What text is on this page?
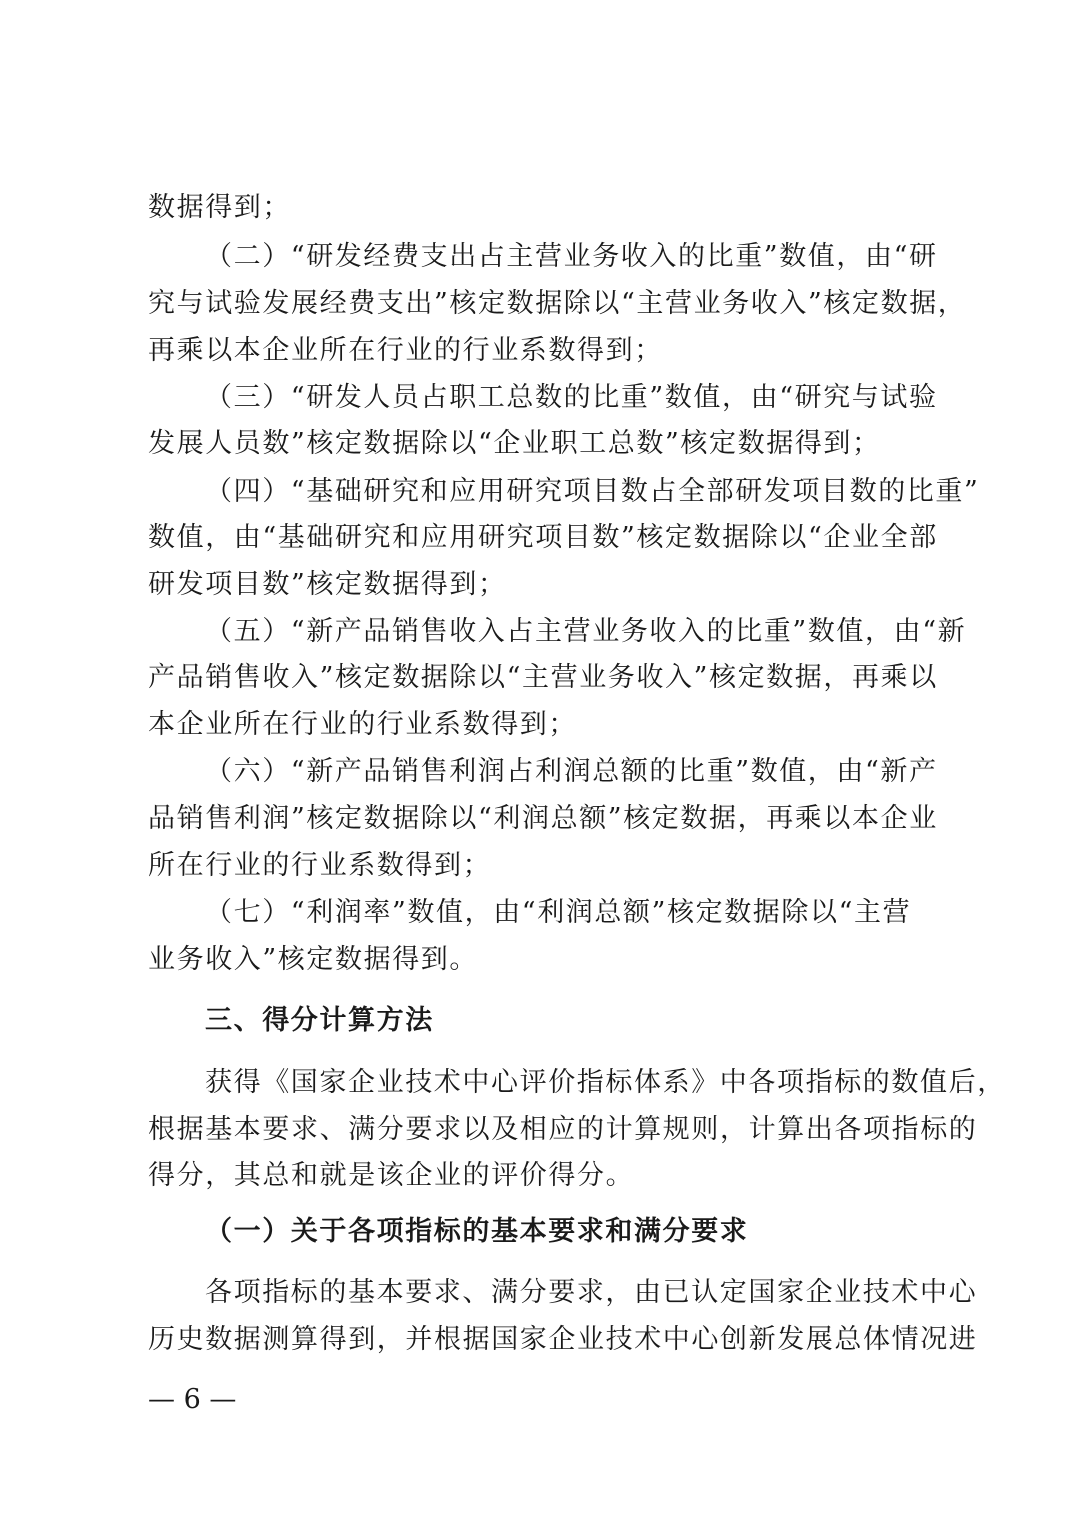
数据得到；
（二）“研发经费支出占主营业务收入的比重”数值，由“研
究与试验发展经费支出”核定数据除以“主营业务收入”核定数据，
再乘以本企业所在行业的行业系数得到；
（三）“研发人员占职工总数的比重”数值，由“研究与试验
发展人员数”核定数据除以“企业职工总数”核定数据得到；
（四）“基础研究和应用研究项目数占全部研发项目数的比重”
数值，由“基础研究和应用研究项目数”核定数据除以“企业全部
研发项目数”核定数据得到；
（五）“新产品销售收入占主营业务收入的比重”数值，由“新
产品销售收入”核定数据除以“主营业务收入”核定数据，再乘以
本企业所在行业的行业系数得到；
（六）“新产品销售利润占利润总额的比重”数值，由“新产
品销售利润”核定数据除以“利润总额”核定数据，再乘以本企业
所在行业的行业系数得到；
（七）“利润率”数值，由“利润总额”核定数据除以“主营
业务收入”核定数据得到。
三、得分计算方法
获得《国家企业技术中心评价指标体系》中各项指标的数值后，
根据基本要求、满分要求以及相应的计算规则，计算出各项指标的
得分，其总和就是该企业的评价得分。
（一）关于各项指标的基本要求和满分要求
各项指标的基本要求、满分要求，由已认定国家企业技术中心
历史数据测算得到，并根据国家企业技术中心创新发展总体情况进
— 6 —
